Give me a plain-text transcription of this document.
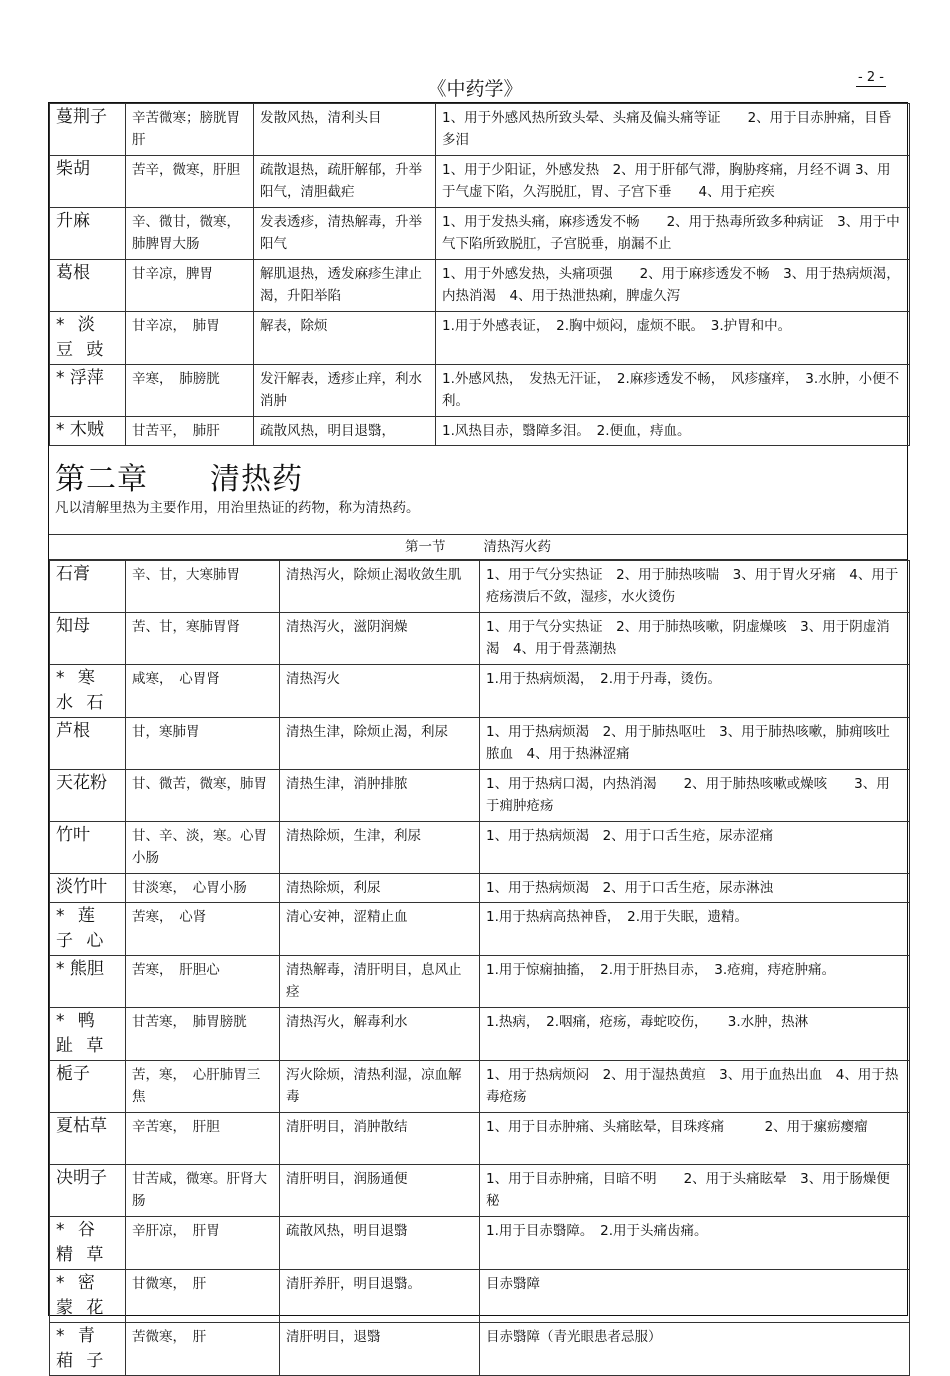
《中药学》
- 2 -
蔓荆子	辛苦微寒；膀胱胃肝	发散风热，清利头目	1、用于外感风热所致头晕、头痛及偏头痛等证　　2、用于目赤肿痛，目昏多泪
柴胡	苦辛，微寒，肝胆	疏散退热，疏肝解郁，升举阳气，清胆截疟	1、用于少阳证，外感发热　2、用于肝郁气滞，胸胁疼痛，月经不调 3、用于气虚下陷，久泻脱肛，胃、子宫下垂　　4、用于疟疾
升麻	辛、微甘，微寒，肺脾胃大肠	发表透疹，清热解毒，升举阳气	1、用于发热头痛，麻疹透发不畅　　2、用于热毒所致多种病证　3、用于中气下陷所致脱肛，子宫脱垂，崩漏不止
葛根	甘辛凉，脾胃	解肌退热，透发麻疹生津止渴，升阳举陷	1、用于外感发热，头痛项强　　2、用于麻疹透发不畅　3、用于热病烦渴，内热消渴　4、用于热泄热痢，脾虚久泻
* 淡 豆 豉	甘辛凉，　肺胃	解表，除烦	1.用于外感表证，　2.胸中烦闷，虚烦不眠。　3.护胃和中。
* 浮萍	辛寒，　肺膀胱	发汗解表，透疹止痒，利水消肿	1.外感风热，　发热无汗证，　2.麻疹透发不畅，　风疹瘙痒，　3.水肿，小便不利。
* 木贼	甘苦平，　肺肝	疏散风热，明目退翳，	1.风热目赤，翳障多泪。　2.便血，痔血。
第二章　　清热药
凡以清解里热为主要作用，用治里热证的药物，称为清热药。
第一节	清热泻火药
石膏	辛、甘，大寒肺胃	清热泻火，除烦止渴收敛生肌	1、用于气分实热证　2、用于肺热咳喘　3、用于胃火牙痛　4、用于疮疡溃后不敛，湿疹，水火烫伤
知母	苦、甘，寒肺胃肾	清热泻火，滋阴润燥	1、用于气分实热证　2、用于肺热咳嗽，阴虚燥咳　3、用于阴虚消渴　4、用于骨蒸潮热
* 寒 水 石	咸寒，　心胃肾	清热泻火	1.用于热病烦渴，　2.用于丹毒，烫伤。
芦根	甘，寒肺胃	清热生津，除烦止渴，利尿	1、用于热病烦渴　2、用于肺热呕吐　3、用于肺热咳嗽，肺痈咳吐脓血　4、用于热淋涩痛
天花粉	甘、微苦，微寒，肺胃	清热生津，消肿排脓	1、用于热病口渴，内热消渴　　2、用于肺热咳嗽或燥咳　　3、用于痈肿疮疡
竹叶	甘、辛、淡，寒。心胃小肠	清热除烦，生津，利尿	1、用于热病烦渴　2、用于口舌生疮，尿赤涩痛
淡竹叶	甘淡寒，　心胃小肠	清热除烦，利尿	1、用于热病烦渴　2、用于口舌生疮，尿赤淋浊
* 莲 子 心	苦寒，　心肾	清心安神，涩精止血	1.用于热病高热神昏，　2.用于失眠，遗精。
* 熊胆	苦寒，　肝胆心	清热解毒，清肝明目，息风止痉	1.用于惊痫抽搐，　2.用于肝热目赤，　3.疮痈，痔疮肿痛。
* 鸭 趾 草	甘苦寒，　肺胃膀胱	清热泻火，解毒利水	1.热病，　2.咽痛，疮疡，毒蛇咬伤，　　3.水肿，热淋
栀子	苦，寒，　心肝肺胃三焦	泻火除烦，清热利湿，凉血解毒	1、用于热病烦闷　2、用于湿热黄疸　3、用于血热出血　4、用于热毒疮疡
夏枯草	辛苦寒，　肝胆	清肝明目，消肿散结	1、用于目赤肿痛、头痛眩晕，目珠疼痛　　　2、用于瘰疬瘿瘤
决明子	甘苦咸，微寒。肝肾大肠	清肝明目，润肠通便	1、用于目赤肿痛，目暗不明　　2、用于头痛眩晕　3、用于肠燥便秘
* 谷 精 草	辛肝凉，　肝胃	疏散风热，明目退翳	1.用于目赤翳障。　2.用于头痛齿痛。
* 密 蒙 花	甘微寒，　肝	清肝养肝，明目退翳。	目赤翳障
* 青 葙 子	苦微寒，　肝	清肝明目，退翳	目赤翳障（青光眼患者忌服）
